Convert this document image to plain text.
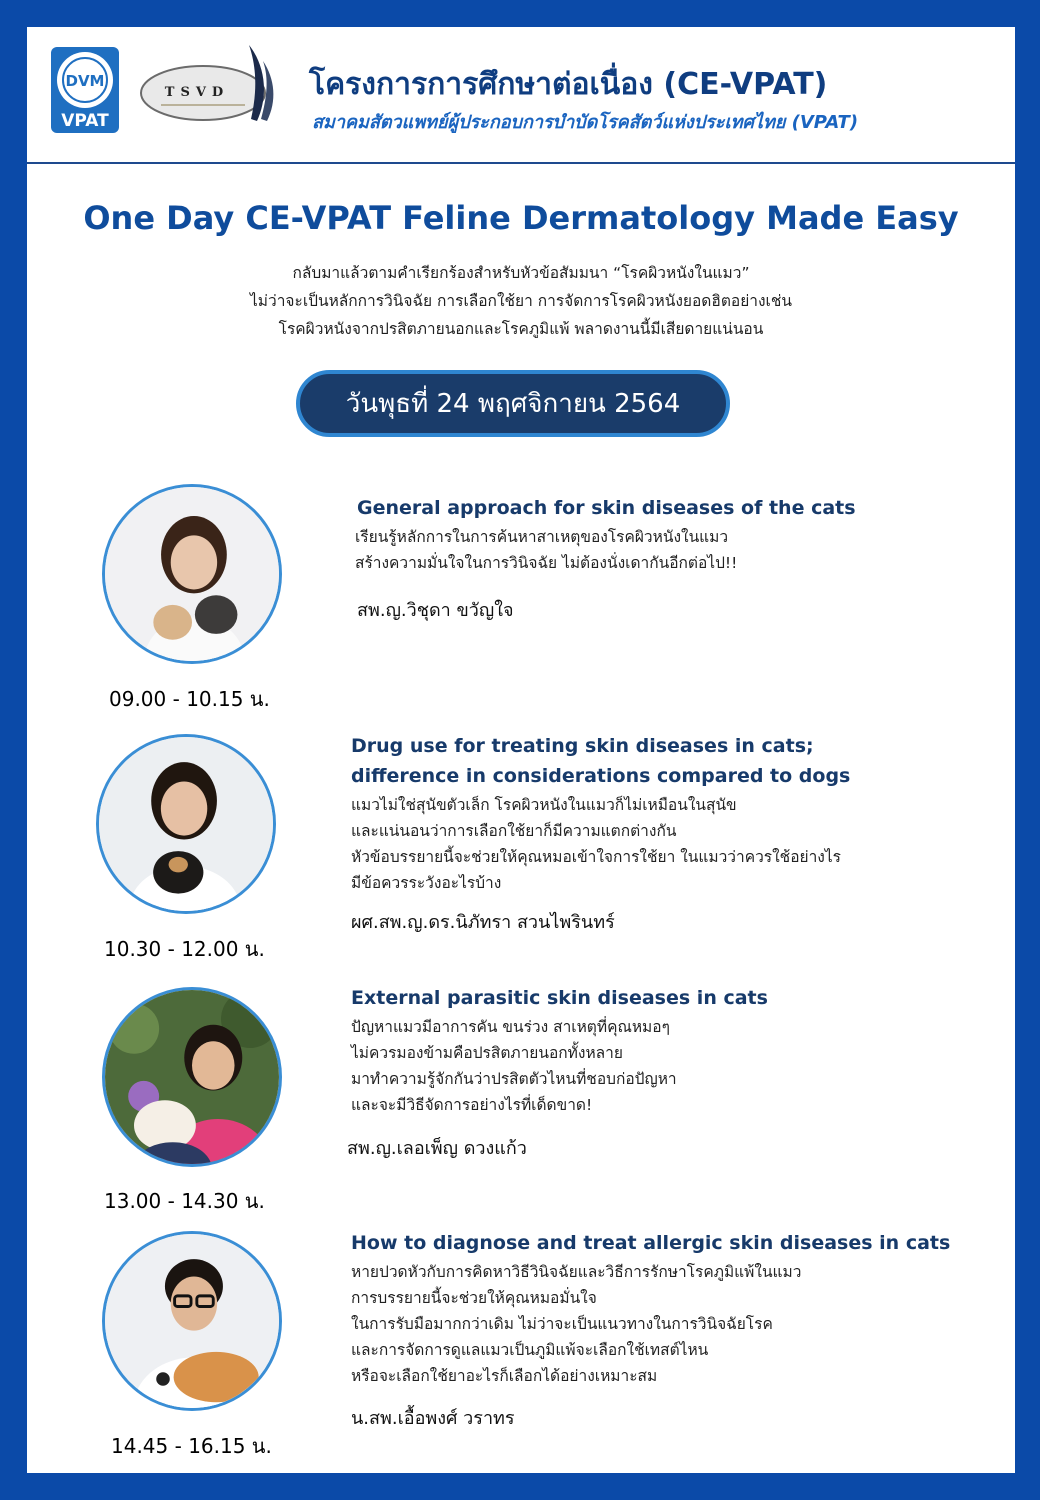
DVM
VPAT
TSVD	โครงการการศึกษาต่อเนื่อง (CE-VPAT)
สมาคมสัตวแพทย์ผู้ประกอบการบำบัดโรคสัตว์แห่งประเทศไทย (VPAT)
One Day CE-VPAT Feline Dermatology Made Easy
กลับมาแล้วตามคำเรียกร้องสำหรับหัวข้อสัมมนา “โรคผิวหนังในแมว”
ไม่ว่าจะเป็นหลักการวินิจฉัย การเลือกใช้ยา การจัดการโรคผิวหนังยอดฮิตอย่างเช่น
โรคผิวหนังจากปรสิตภายนอกและโรคภูมิแพ้ พลาดงานนี้มีเสียดายแน่นอน
วันพุธที่ 24 พฤศจิกายน 2564
09.00 - 10.15 น.
General approach for skin diseases of the cats
เรียนรู้หลักการในการค้นหาสาเหตุของโรคผิวหนังในแมว
สร้างความมั่นใจในการวินิจฉัย ไม่ต้องนั่งเดากันอีกต่อไป!!
สพ.ญ.วิชุดา ขวัญใจ
10.30 - 12.00 น.
Drug use for treating skin diseases in cats;
difference in considerations compared to dogs
แมวไม่ใช่สุนัขตัวเล็ก โรคผิวหนังในแมวก็ไม่เหมือนในสุนัข
และแน่นอนว่าการเลือกใช้ยาก็มีความแตกต่างกัน
หัวข้อบรรยายนี้จะช่วยให้คุณหมอเข้าใจการใช้ยา ในแมวว่าควรใช้อย่างไร
มีข้อควรระวังอะไรบ้าง
ผศ.สพ.ญ.ดร.นิภัทรา สวนไพรินทร์
13.00 - 14.30 น.
External parasitic skin diseases in cats
ปัญหาแมวมีอาการคัน ขนร่วง สาเหตุที่คุณหมอๆ
ไม่ควรมองข้ามคือปรสิตภายนอกทั้งหลาย
มาทำความรู้จักกันว่าปรสิตตัวไหนที่ชอบก่อปัญหา
และจะมีวิธีจัดการอย่างไรที่เด็ดขาด!
สพ.ญ.เลอเพ็ญ ดวงแก้ว
14.45 - 16.15 น.
How to diagnose and treat allergic skin diseases in cats
หายปวดหัวกับการคิดหาวิธีวินิจฉัยและวิธีการรักษาโรคภูมิแพ้ในแมว
การบรรยายนี้จะช่วยให้คุณหมอมั่นใจ
ในการรับมือมากกว่าเดิม ไม่ว่าจะเป็นแนวทางในการวินิจฉัยโรค
และการจัดการดูแลแมวเป็นภูมิแพ้จะเลือกใช้เทสต์ไหน
หรือจะเลือกใช้ยาอะไรก็เลือกได้อย่างเหมาะสม
น.สพ.เอื้อพงศ์ วราทร
